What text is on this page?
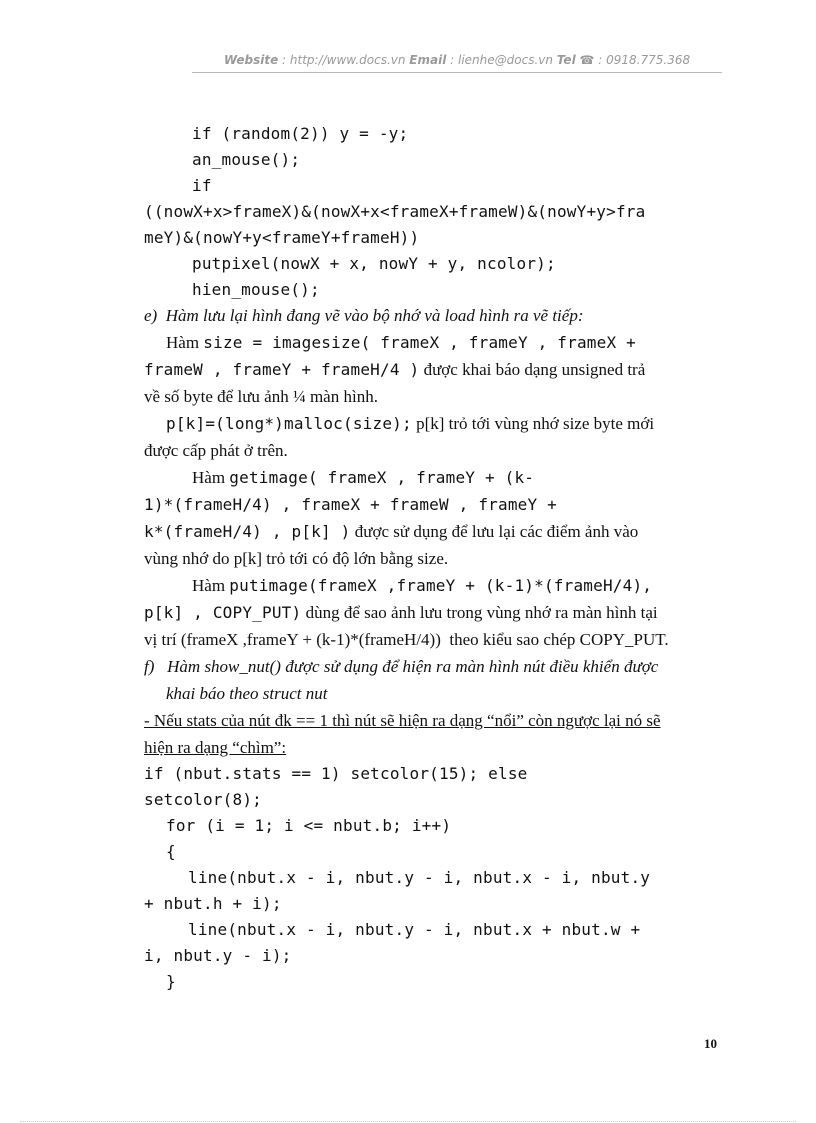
Website : http://www.docs.vn Email : lienhe@docs.vn Tel ☎ : 0918.775.368
if (random(2)) y = -y;
an_mouse();
if
((nowX+x>frameX)&(nowX+x<frameX+frameW)&(nowY+y>fra
meY)&(nowY+y<frameY+frameH))
putpixel(nowX + x, nowY + y, ncolor);
hien_mouse();
e)  Hàm lưu lại hình đang vẽ vào bộ nhớ và load hình ra vẽ tiếp:
Hàm size = imagesize( frameX , frameY , frameX +
frameW , frameY + frameH/4 ) được khai báo dạng unsigned trả
về số byte để lưu ảnh ¼ màn hình.
p[k]=(long*)malloc(size); p[k] trỏ tới vùng nhớ size byte mới
được cấp phát ở trên.
Hàm getimage( frameX , frameY + (k-
1)*(frameH/4) , frameX + frameW , frameY +
k*(frameH/4) , p[k] ) được sử dụng để lưu lại các điểm ảnh vào
vùng nhớ do p[k] trỏ tới có độ lớn bằng size.
Hàm putimage(frameX ,frameY + (k-1)*(frameH/4),
p[k] , COPY_PUT) dùng để sao ảnh lưu trong vùng nhớ ra màn hình tại
vị trí (frameX ,frameY + (k-1)*(frameH/4))  theo kiểu sao chép COPY_PUT.
f)   Hàm show_nut() được sử dụng để hiện ra màn hình nút điều khiển được
khai báo theo struct nut
- Nếu stats của nút đk == 1 thì nút sẽ hiện ra dạng “nổi” còn ngược lại nó sẽ
hiện ra dạng “chìm”:
if (nbut.stats == 1) setcolor(15); else
setcolor(8);
for (i = 1; i <= nbut.b; i++)
{
line(nbut.x - i, nbut.y - i, nbut.x - i, nbut.y
+ nbut.h + i);
line(nbut.x - i, nbut.y - i, nbut.x + nbut.w +
i, nbut.y - i);
}
10
